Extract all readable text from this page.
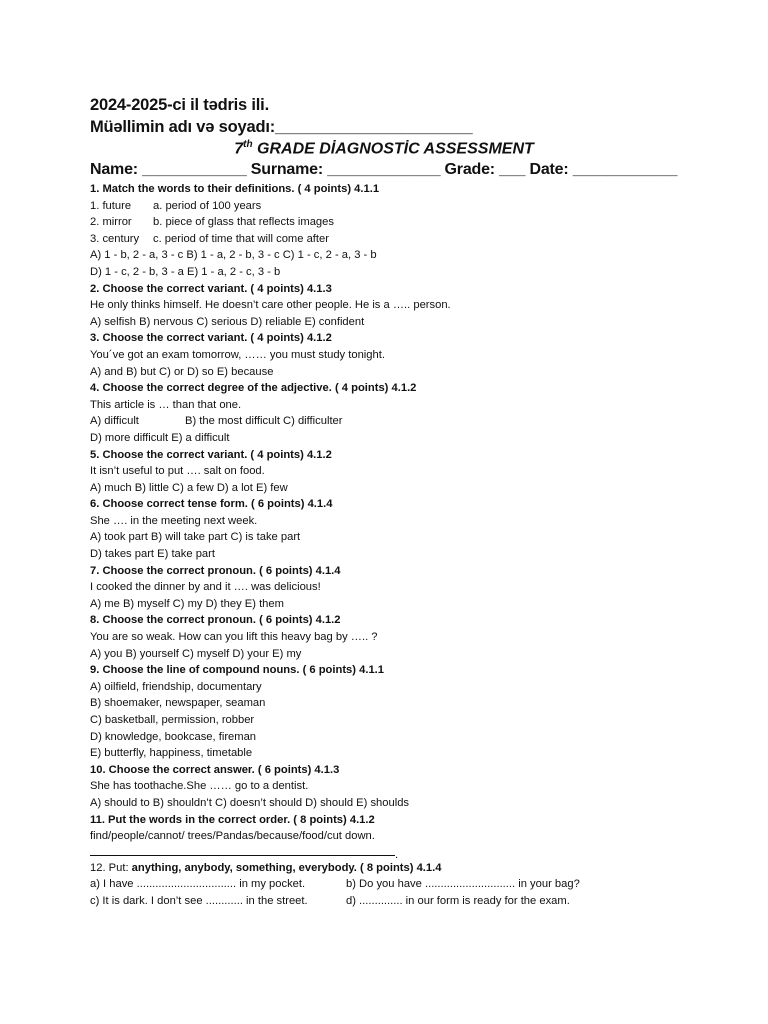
2024-2025-ci il tədris ili.
Müəllimin adı və soyadı:______________________
7th GRADE DİAGNOSTİC ASSESSMENT
Name: ____________ Surname: _____________ Grade: ___ Date: ____________
1. Match the words to their definitions. ( 4 points) 4.1.1
1. future a. period of 100 years
2. mirror b. piece of glass that reflects images
3. century c. period of time that will come after
A) 1 - b, 2 - a, 3 - c B) 1 - a, 2 - b, 3 - c C) 1 - c, 2 - a, 3 - b
D) 1 - c, 2 - b, 3 - a E) 1 - a, 2 - c, 3 - b
2. Choose the correct variant. ( 4 points) 4.1.3
He only thinks himself. He doesn’t care other people. He is a ….. person.
A) selfish B) nervous C) serious D) reliable E) confident
3. Choose the correct variant. ( 4 points) 4.1.2
You´ve got an exam tomorrow, …… you must study tonight.
A) and B) but C) or D) so E) because
4. Choose the correct degree of the adjective. ( 4 points) 4.1.2
This article is … than that one.
A) difficult	B) the most difficult C) difficulter
D) more difficult E) a difficult
5. Choose the correct variant. ( 4 points) 4.1.2
It isn’t useful to put …. salt on food.
A) much B) little C) a few D) a lot E) few
6. Choose correct tense form. ( 6 points) 4.1.4
She …. in the meeting next week.
A) took part B) will take part C) is take part
D) takes part E) take part
7. Choose the correct pronoun. ( 6 points) 4.1.4
I cooked the dinner by and it …. was delicious!
A) me B) myself C) my D) they E) them
8. Choose the correct pronoun. ( 6 points) 4.1.2
You are so weak. How can you lift this heavy bag by ….. ?
A) you B) yourself C) myself D) your E) my
9. Choose the line of compound nouns. ( 6 points) 4.1.1
A) oilfield, friendship, documentary
B) shoemaker, newspaper, seaman
C) basketball, permission, robber
D) knowledge, bookcase, fireman
E) butterfly, happiness, timetable
10. Choose the correct answer. ( 6 points) 4.1.3
She has toothache.She …… go to a dentist.
A) should to B) shouldn’t C) doesn’t should D) should E) shoulds
11. Put the words in the correct order. ( 8 points) 4.1.2
find/people/cannot/ trees/Pandas/because/food/cut down.
.
12. Put: anything, anybody, something, everybody. ( 8 points) 4.1.4
a) I have ................................ in my pocket.	b) Do you have ............................. in your bag?
c) It is dark. I don’t see ............ in the street.	d) .............. in our form is ready for the exam.
